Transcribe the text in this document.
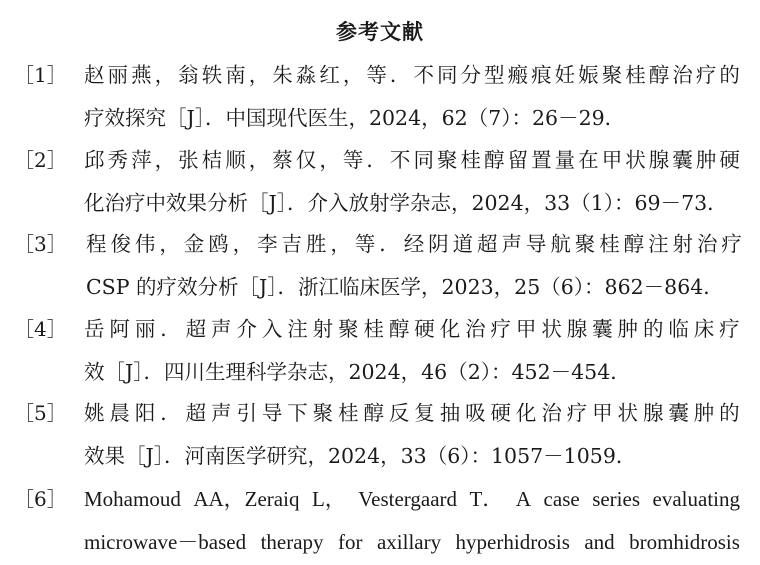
参考文献
［1］ 赵 丽 燕 ， 翁 轶 南 ， 朱 淼 红 ， 等 ． 不 同 分 型 瘢 痕 妊 娠 聚 桂 醇 治 疗 的
疗效探究［J］．中国现代医生，2024，62（7）：26－29．
［2］ 邱 秀 萍 ， 张 桔 顺 ， 蔡 仅 ， 等 ． 不 同 聚 桂 醇 留 置 量 在 甲 状 腺 囊 肿 硬
化治疗中效果分析［J］．介入放射学杂志，2024，33（1）：69－73．
［3］ 程 俊 伟 ， 金 鸥 ， 李 吉 胜 ， 等 ． 经 阴 道 超 声 导 航 聚 桂 醇 注 射 治 疗
CSP 的疗效分析［J］．浙江临床医学，2023，25（6）：862－864．
［4］ 岳 阿 丽 ． 超 声 介 入 注 射 聚 桂 醇 硬 化 治 疗 甲 状 腺 囊 肿 的 临 床 疗
效［J］．四川生理科学杂志，2024，46（2）：452－454．
［5］ 姚 晨 阳 ． 超 声 引 导 下 聚 桂 醇 反 复 抽 吸 硬 化 治 疗 甲 状 腺 囊 肿 的
效果［J］．河南医学研究，2024，33（6）：1057－1059．
［6］ Mohamoud AA，Zeraiq L， Vestergaard T． A case series evaluating
microwave－based therapy for axillary hyperhidrosis and bromhidrosis
